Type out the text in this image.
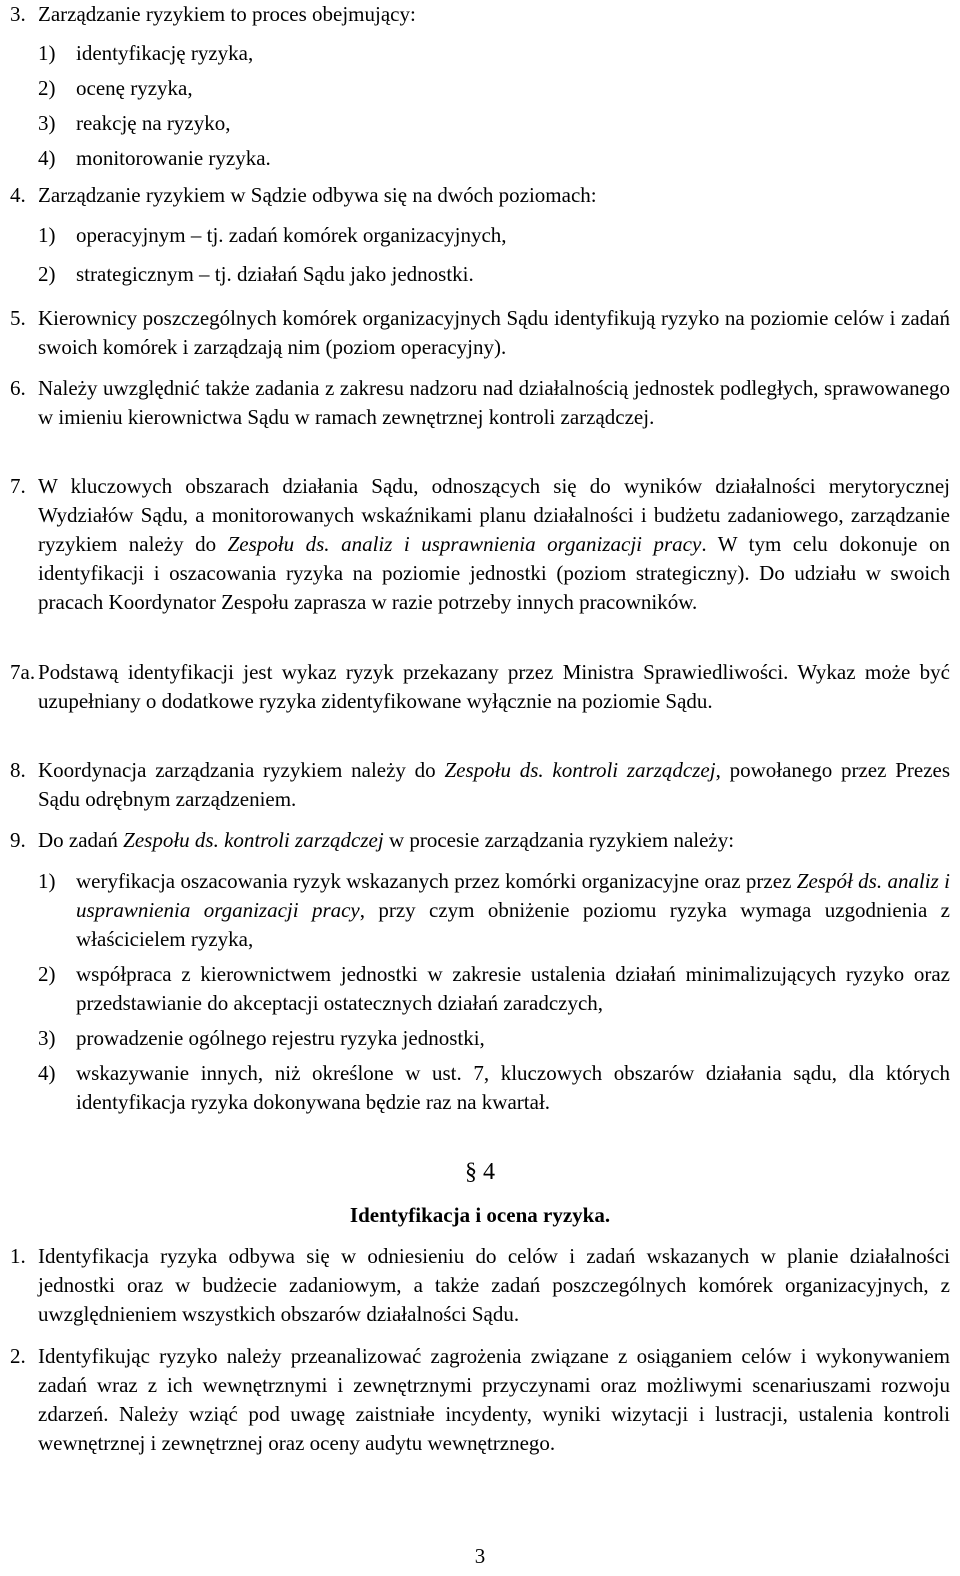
3. Zarządzanie ryzykiem to proces obejmujący:
1) identyfikację ryzyka,
2) ocenę ryzyka,
3) reakcję na ryzyko,
4) monitorowanie ryzyka.
4. Zarządzanie ryzykiem w Sądzie odbywa się na dwóch poziomach:
1) operacyjnym – tj. zadań komórek organizacyjnych,
2) strategicznym – tj. działań Sądu jako jednostki.
5. Kierownicy poszczególnych komórek organizacyjnych Sądu identyfikują ryzyko na poziomie celów i zadań swoich komórek i zarządzają nim (poziom operacyjny).
6. Należy uwzględnić także zadania z zakresu nadzoru nad działalnością jednostek podległych, sprawowanego w imieniu kierownictwa Sądu w ramach zewnętrznej kontroli zarządczej.
7. W kluczowych obszarach działania Sądu, odnoszących się do wyników działalności merytorycznej Wydziałów Sądu, a monitorowanych wskaźnikami planu działalności i budżetu zadaniowego, zarządzanie ryzykiem należy do Zespołu ds. analiz i usprawnienia organizacji pracy. W tym celu dokonuje on identyfikacji i oszacowania ryzyka na poziomie jednostki (poziom strategiczny). Do udziału w swoich pracach Koordynator Zespołu zaprasza w razie potrzeby innych pracowników.
7a. Podstawą identyfikacji jest wykaz ryzyk przekazany przez Ministra Sprawiedliwości. Wykaz może być uzupełniany o dodatkowe ryzyka zidentyfikowane wyłącznie na poziomie Sądu.
8. Koordynacja zarządzania ryzykiem należy do Zespołu ds. kontroli zarządczej, powołanego przez Prezes Sądu odrębnym zarządzeniem.
9. Do zadań Zespołu ds. kontroli zarządczej w procesie zarządzania ryzykiem należy:
1) weryfikacja oszacowania ryzyk wskazanych przez komórki organizacyjne oraz przez Zespół ds. analiz i usprawnienia organizacji pracy, przy czym obniżenie poziomu ryzyka wymaga uzgodnienia z właścicielem ryzyka,
2) współpraca z kierownictwem jednostki w zakresie ustalenia działań minimalizujących ryzyko oraz przedstawianie do akceptacji ostatecznych działań zaradczych,
3) prowadzenie ogólnego rejestru ryzyka jednostki,
4) wskazywanie innych, niż określone w ust. 7, kluczowych obszarów działania sądu, dla których identyfikacja ryzyka dokonywana będzie raz na kwartał.
§ 4
Identyfikacja i ocena ryzyka.
1. Identyfikacja ryzyka odbywa się w odniesieniu do celów i zadań wskazanych w planie działalności jednostki oraz w budżecie zadaniowym, a także zadań poszczególnych komórek organizacyjnych, z uwzględnieniem wszystkich obszarów działalności Sądu.
2. Identyfikując ryzyko należy przeanalizować zagrożenia związane z osiąganiem celów i wykonywaniem zadań wraz z ich wewnętrznymi i zewnętrznymi przyczynami oraz możliwymi scenariuszami rozwoju zdarzeń. Należy wziąć pod uwagę zaistniałe incydenty, wyniki wizytacji i lustracji, ustalenia kontroli wewnętrznej i zewnętrznej oraz oceny audytu wewnętrznego.
3
